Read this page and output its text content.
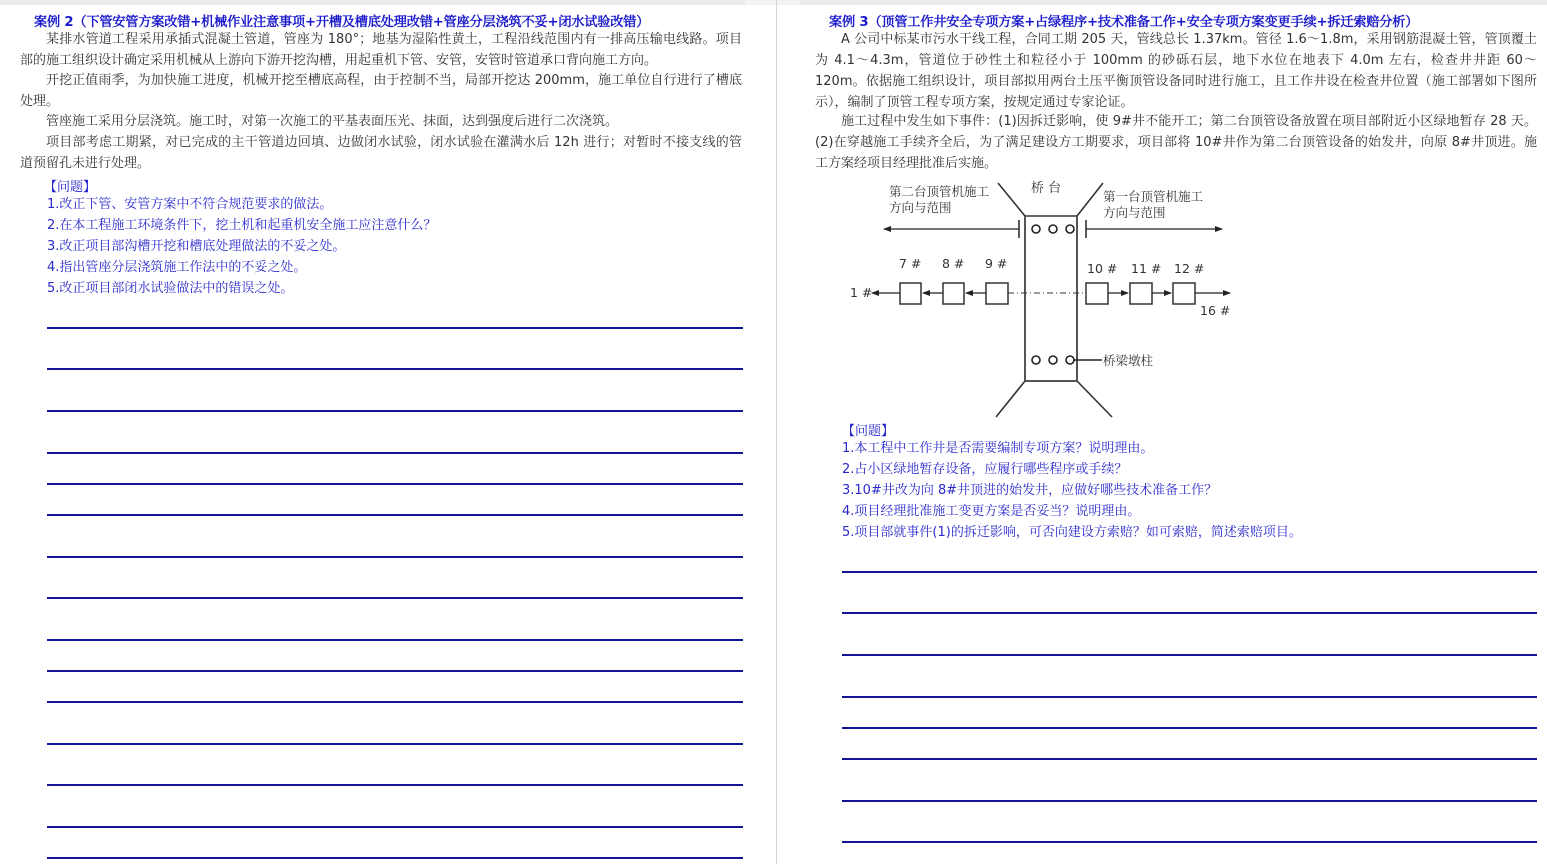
案例 2（下管安管方案改错+机械作业注意事项+开槽及槽底处理改错+管座分层浇筑不妥+闭水试验改错）
某排水管道工程采用承插式混凝土管道，管座为 180°；地基为湿陷性黄土，工程沿线范围内有一排高压输电线路。项目部的施工组织设计确定采用机械从上游向下游开挖沟槽，用起重机下管、安管，安管时管道承口背向施工方向。
开挖正值雨季，为加快施工进度，机械开挖至槽底高程，由于控制不当，局部开挖达 200mm，施工单位自行进行了槽底处理。
管座施工采用分层浇筑。施工时，对第一次施工的平基表面压光、抹面，达到强度后进行二次浇筑。
项目部考虑工期紧，对已完成的主干管道边回填、边做闭水试验，闭水试验在灌满水后 12h 进行；对暂时不接支线的管道预留孔未进行处理。
【问题】
1.改正下管、安管方案中不符合规范要求的做法。
2.在本工程施工环境条件下，挖土机和起重机安全施工应注意什么？
3.改正项目部沟槽开挖和槽底处理做法的不妥之处。
4.指出管座分层浇筑施工作法中的不妥之处。
5.改正项目部闭水试验做法中的错误之处。
案例 3（顶管工作井安全专项方案+占绿程序+技术准备工作+安全专项方案变更手续+拆迁索赔分析）
A 公司中标某市污水干线工程，合同工期 205 天，管线总长 1.37km。管径 1.6～1.8m，采用钢筋混凝土管，管顶覆土为 4.1～4.3m，管道位于砂性土和粒径小于 100mm 的砂砾石层，地下水位在地表下 4.0m 左右，检查井井距 60～120m。依据施工组织设计，项目部拟用两台土压平衡顶管设备同时进行施工，且工作井设在检查井位置（施工部署如下图所示），编制了顶管工程专项方案，按规定通过专家论证。
施工过程中发生如下事件：(1)因拆迁影响，使 9#井不能开工；第二台顶管设备放置在项目部附近小区绿地暂存 28 天。(2)在穿越施工手续齐全后，为了满足建设方工期要求，项目部将 10#井作为第二台顶管设备的始发井，向原 8#井顶进。施工方案经项目经理批准后实施。
桥 台
第二台顶管机施工
方向与范围
第一台顶管机施工
方向与范围
7 # 8 # 9 #	10 # 11 # 12 #
1 #
16 #
桥梁墩柱
【问题】
1.本工程中工作井是否需要编制专项方案？说明理由。
2.占小区绿地暂存设备，应履行哪些程序或手续？
3.10#井改为向 8#井顶进的始发井，应做好哪些技术准备工作？
4.项目经理批准施工变更方案是否妥当？说明理由。
5.项目部就事件(1)的拆迁影响，可否向建设方索赔？如可索赔，简述索赔项目。
